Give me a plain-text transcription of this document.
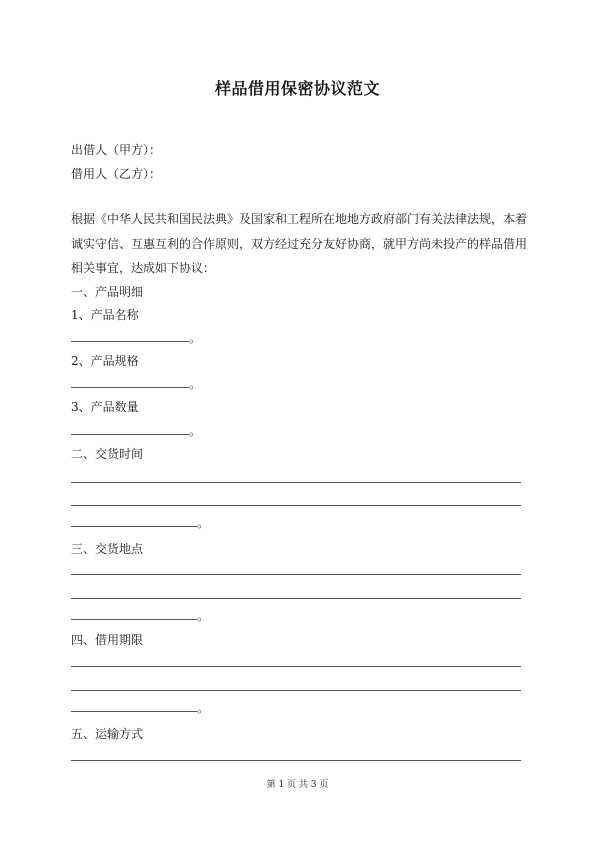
样品借用保密协议范文
出借人（甲方）：
借用人（乙方）：
根据《中华人民共和国民法典》及国家和工程所在地地方政府部门有关法律法规，本着
诚实守信、互惠互利的合作原则，双方经过充分友好协商，就甲方尚未投产的样品借用
相关事宜，达成如下协议：
一、产品明细
1、产品名称
。
2、产品规格
。
3、产品数量
。
二、交货时间
。
三、交货地点
。
四、借用期限
。
五、运输方式
第 1 页 共 3 页
